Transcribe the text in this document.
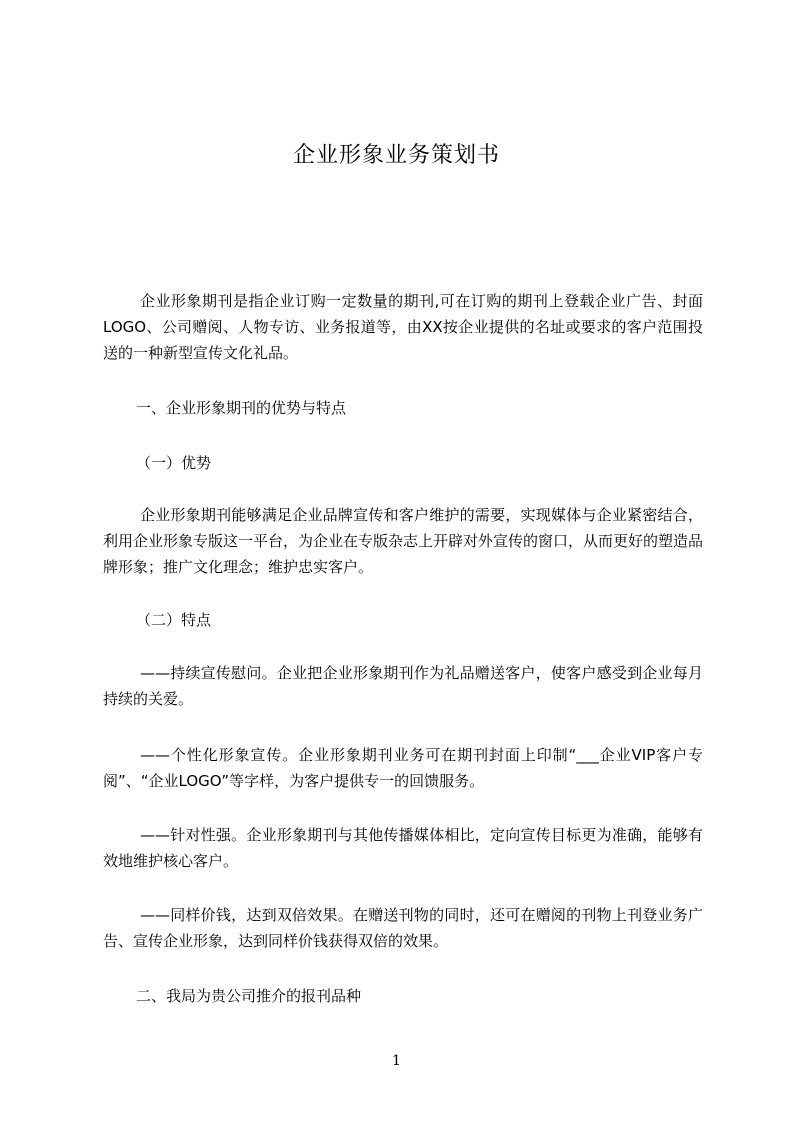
企业形象业务策划书

企业形象期刊是指企业订购一定数量的期刊,可在订购的期刊上登载企业广告、封面LOGO、公司赠阅、人物专访、业务报道等，由XX按企业提供的名址或要求的客户范围投送的一种新型宣传文化礼品。

一、企业形象期刊的优势与特点

（一）优势

企业形象期刊能够满足企业品牌宣传和客户维护的需要，实现媒体与企业紧密结合，利用企业形象专版这一平台，为企业在专版杂志上开辟对外宣传的窗口，从而更好的塑造品牌形象；推广文化理念；维护忠实客户。

（二）特点

——持续宣传慰问。企业把企业形象期刊作为礼品赠送客户，使客户感受到企业每月持续的关爱。

——个性化形象宣传。企业形象期刊业务可在期刊封面上印制“___企业VIP客户专阅”、“企业LOGO”等字样，为客户提供专一的回馈服务。

——针对性强。企业形象期刊与其他传播媒体相比，定向宣传目标更为准确，能够有效地维护核心客户。

——同样价钱，达到双倍效果。在赠送刊物的同时，还可在赠阅的刊物上刊登业务广告、宣传企业形象，达到同样价钱获得双倍的效果。

二、我局为贵公司推介的报刊品种

1
